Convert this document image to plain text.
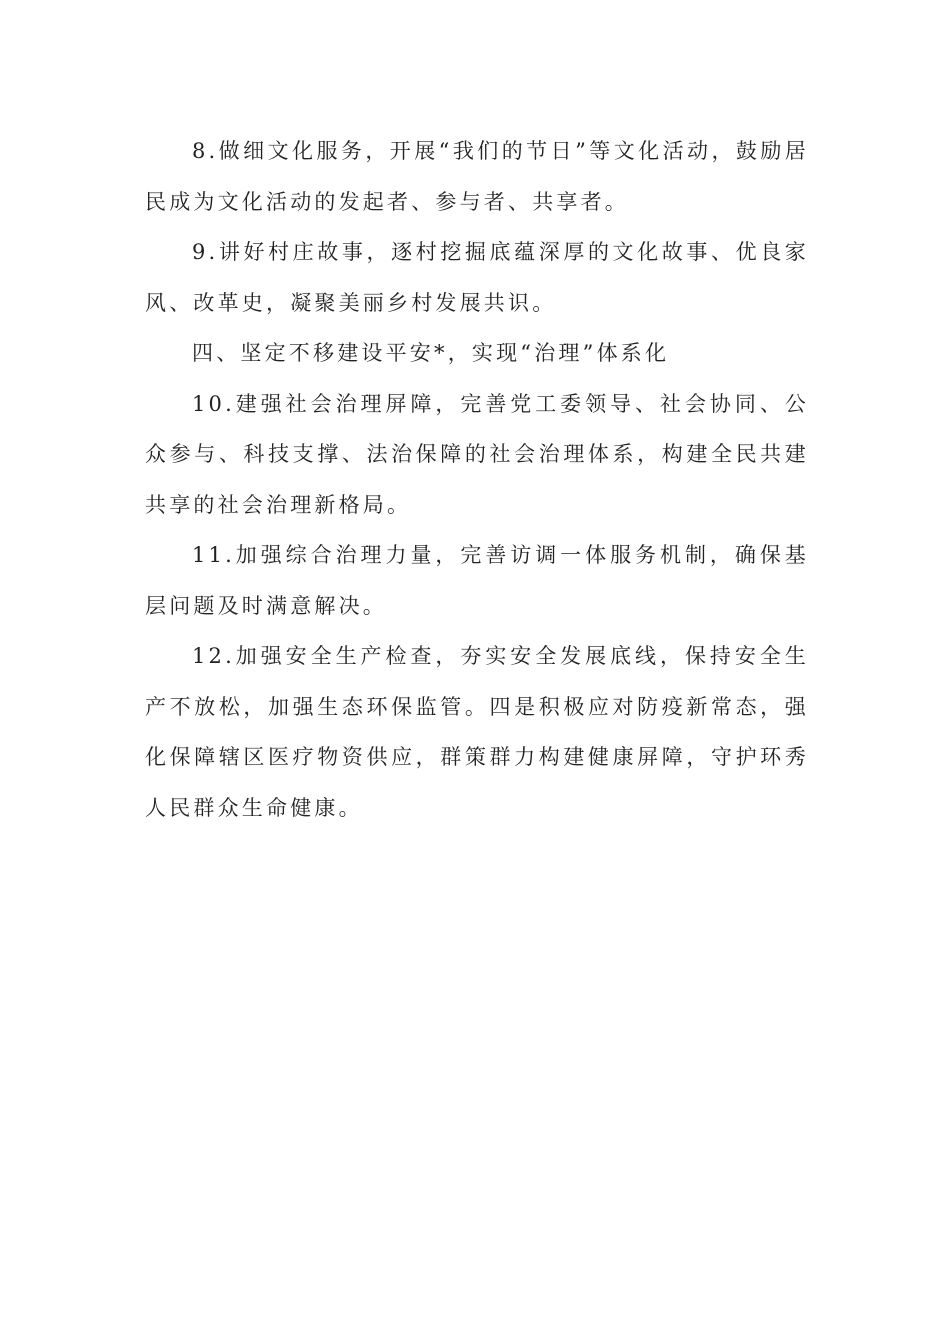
8.做细文化服务，开展“我们的节日”等文化活动，鼓励居民成为文化活动的发起者、参与者、共享者。

9.讲好村庄故事，逐村挖掘底蕴深厚的文化故事、优良家风、改革史，凝聚美丽乡村发展共识。

四、坚定不移建设平安*，实现“治理”体系化

10.建强社会治理屏障，完善党工委领导、社会协同、公众参与、科技支撑、法治保障的社会治理体系，构建全民共建共享的社会治理新格局。

11.加强综合治理力量，完善访调一体服务机制，确保基层问题及时满意解决。

12.加强安全生产检查，夯实安全发展底线，保持安全生产不放松，加强生态环保监管。四是积极应对防疫新常态，强化保障辖区医疗物资供应，群策群力构建健康屏障，守护环秀人民群众生命健康。
